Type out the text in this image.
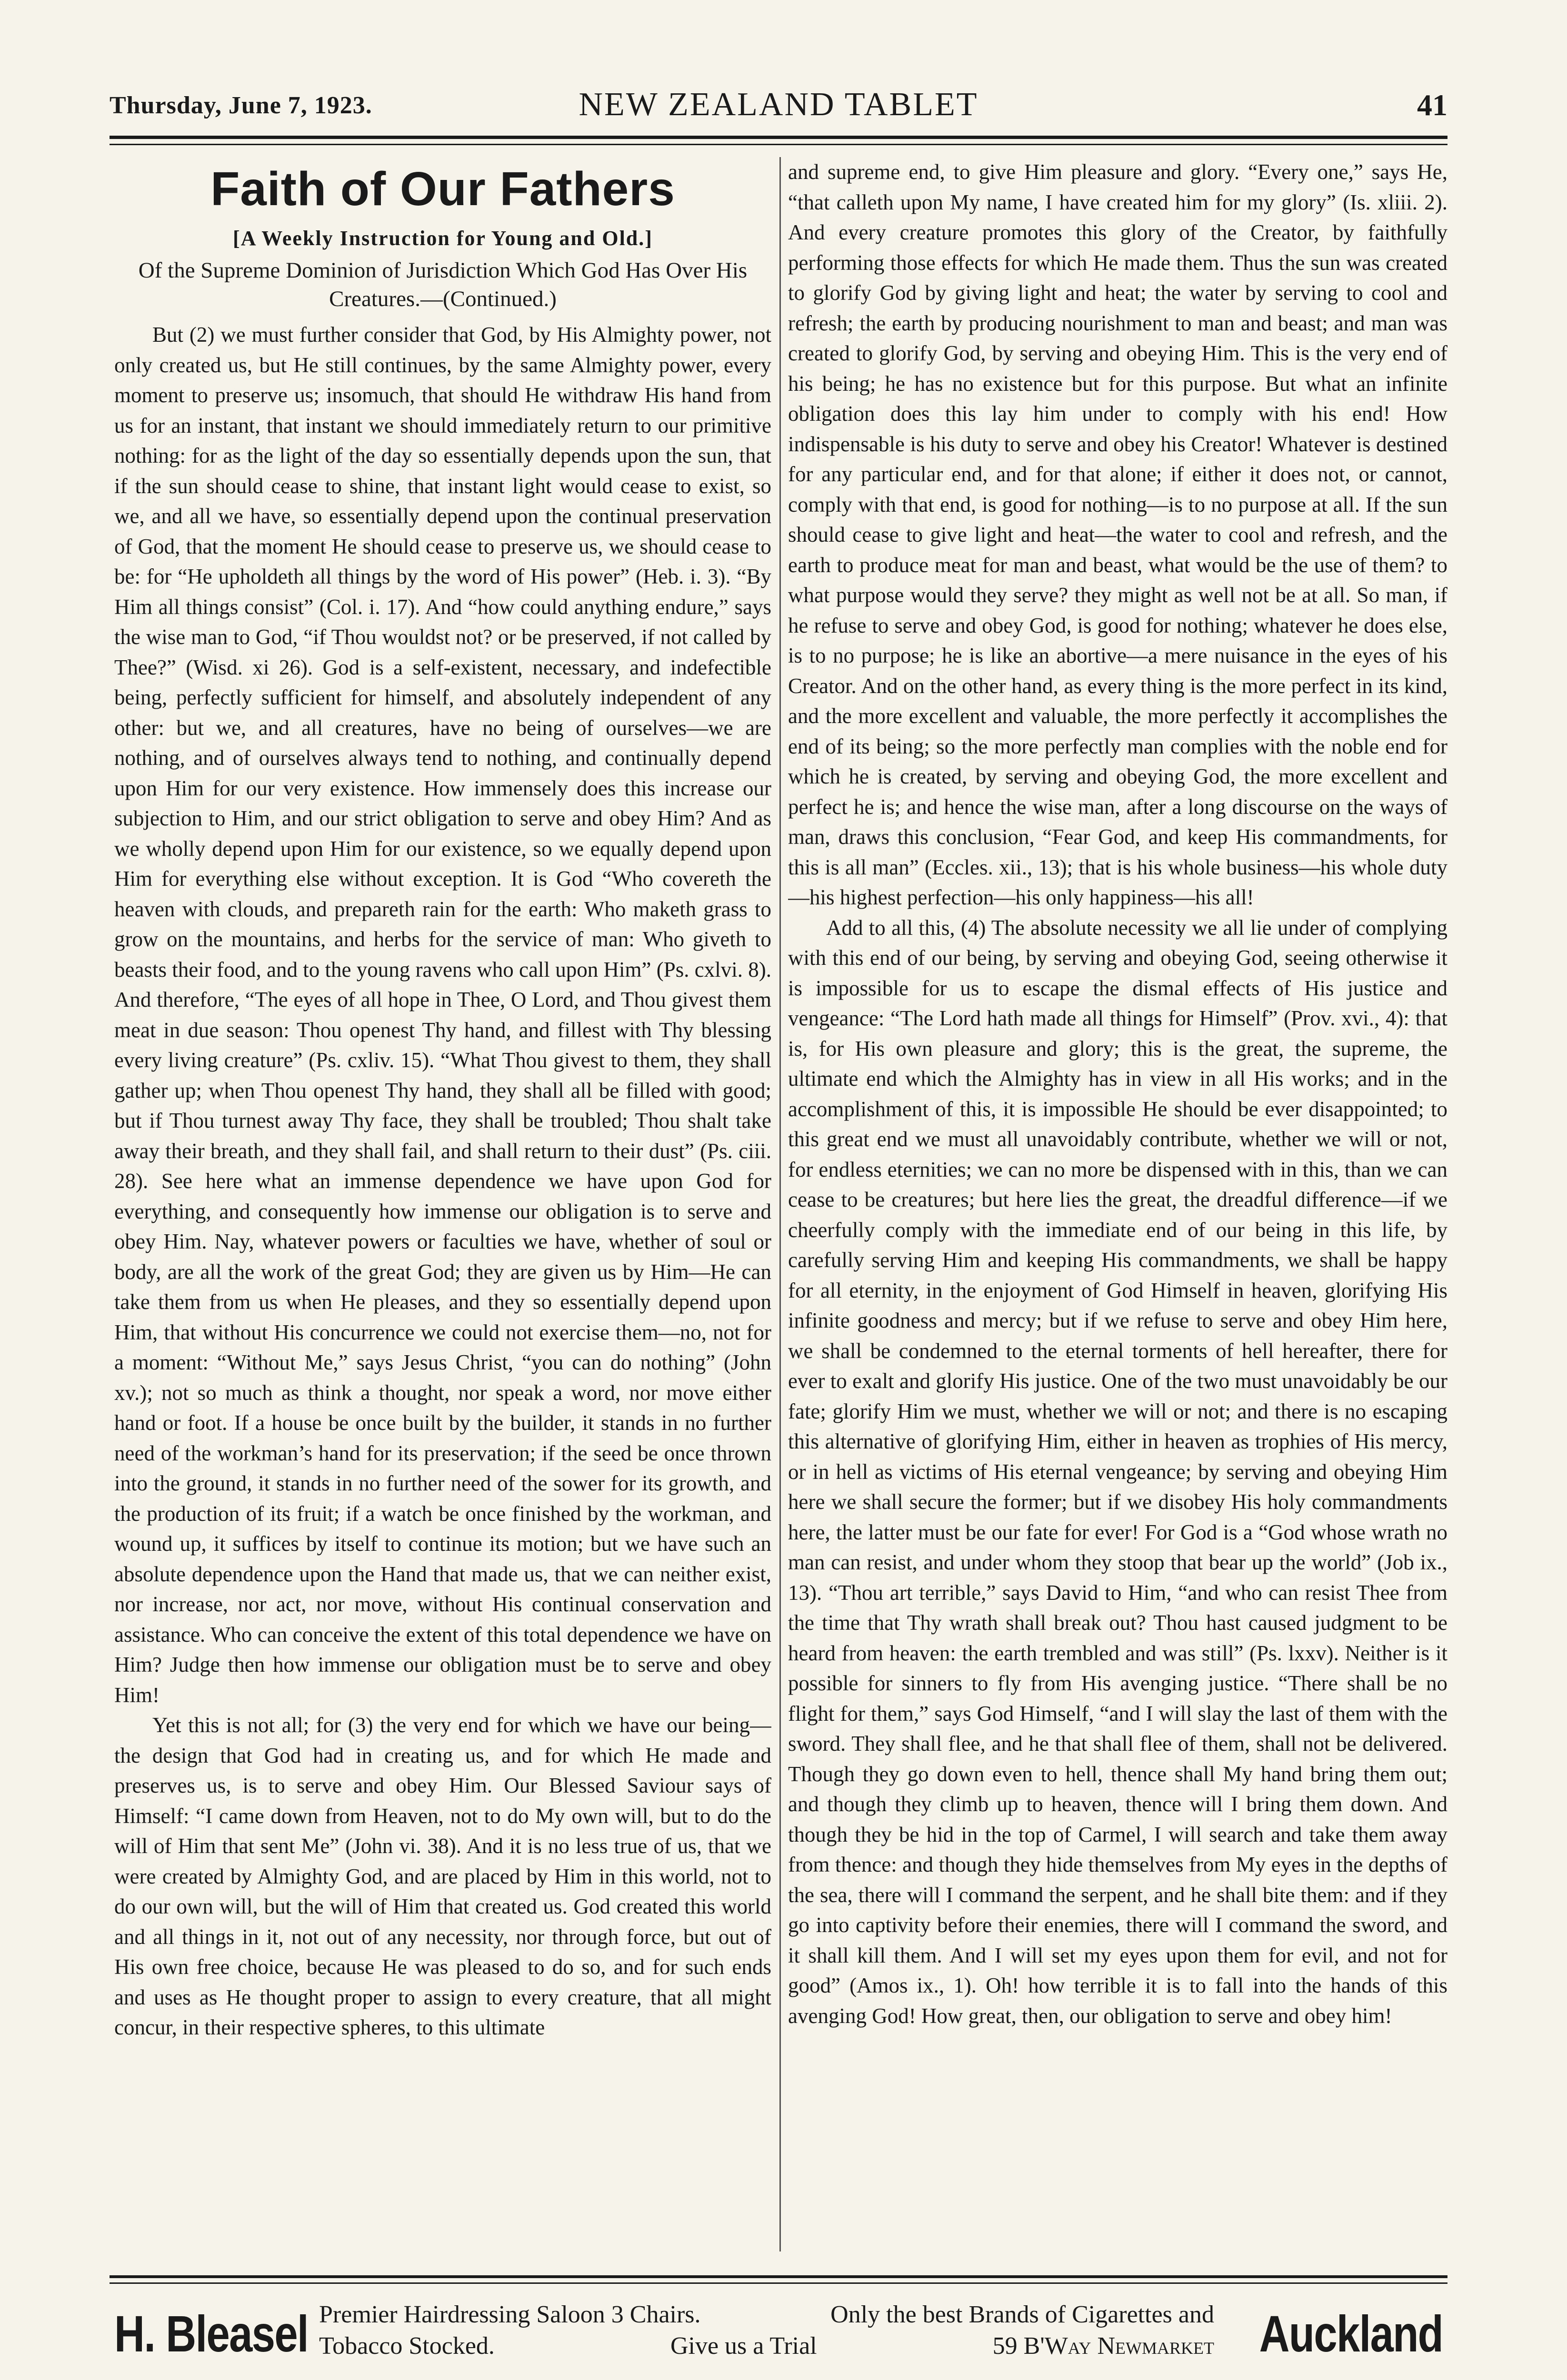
Thursday, June 7, 1923.	NEW ZEALAND TABLET	41
Faith of Our Fathers
[A Weekly Instruction for Young and Old.]
Of the Supreme Dominion of Jurisdiction Which God Has Over His Creatures.—(Continued.)

But (2) we must further consider that God, by His Almighty power, not only created us, but He still continues, by the same Almighty power, every moment to preserve us; insomuch, that should He withdraw His hand from us for an instant, that instant we should immediately return to our primitive nothing: for as the light of the day so essentially depends upon the sun, that if the sun should cease to shine, that instant light would cease to exist, so we, and all we have, so essentially depend upon the continual preservation of God, that the moment He should cease to preserve us, we should cease to be: for “He upholdeth all things by the word of His power” (Heb. i. 3). “By Him all things consist” (Col. i. 17). And “how could anything endure,” says the wise man to God, “if Thou wouldst not? or be preserved, if not called by Thee?” (Wisd. xi 26). God is a self-existent, necessary, and indefectible being, perfectly sufficient for himself, and absolutely independent of any other: but we, and all creatures, have no being of ourselves—we are nothing, and of ourselves always tend to nothing, and continually depend upon Him for our very existence. How immensely does this increase our subjection to Him, and our strict obligation to serve and obey Him? And as we wholly depend upon Him for our existence, so we equally depend upon Him for everything else without exception. It is God “Who covereth the heaven with clouds, and prepareth rain for the earth: Who maketh grass to grow on the mountains, and herbs for the service of man: Who giveth to beasts their food, and to the young ravens who call upon Him” (Ps. cxlvi. 8). And therefore, “The eyes of all hope in Thee, O Lord, and Thou givest them meat in due season: Thou openest Thy hand, and fillest with Thy blessing every living creature” (Ps. cxliv. 15). “What Thou givest to them, they shall gather up; when Thou openest Thy hand, they shall all be filled with good; but if Thou turnest away Thy face, they shall be troubled; Thou shalt take away their breath, and they shall fail, and shall return to their dust” (Ps. ciii. 28). See here what an immense dependence we have upon God for everything, and consequently how immense our obligation is to serve and obey Him. Nay, whatever powers or faculties we have, whether of soul or body, are all the work of the great God; they are given us by Him—He can take them from us when He pleases, and they so essentially depend upon Him, that without His concurrence we could not exercise them—no, not for a moment: “Without Me,” says Jesus Christ, “you can do nothing” (John xv.); not so much as think a thought, nor speak a word, nor move either hand or foot. If a house be once built by the builder, it stands in no further need of the workman’s hand for its preservation; if the seed be once thrown into the ground, it stands in no further need of the sower for its growth, and the production of its fruit; if a watch be once finished by the workman, and wound up, it suffices by itself to continue its motion; but we have such an absolute dependence upon the Hand that made us, that we can neither exist, nor increase, nor act, nor move, without His continual conservation and assistance. Who can conceive the extent of this total dependence we have on Him? Judge then how immense our obligation must be to serve and obey Him!

Yet this is not all; for (3) the very end for which we have our being—the design that God had in creating us, and for which He made and preserves us, is to serve and obey Him. Our Blessed Saviour says of Himself: “I came down from Heaven, not to do My own will, but to do the will of Him that sent Me” (John vi. 38). And it is no less true of us, that we were created by Almighty God, and are placed by Him in this world, not to do our own will, but the will of Him that created us. God created this world and all things in it, not out of any necessity, nor through force, but out of His own free choice, because He was pleased to do so, and for such ends and uses as He thought proper to assign to every creature, that all might concur, in their respective spheres, to this ultimate

and supreme end, to give Him pleasure and glory. “Every one,” says He, “that calleth upon My name, I have created him for my glory” (Is. xliii. 2). And every creature promotes this glory of the Creator, by faithfully performing those effects for which He made them. Thus the sun was created to glorify God by giving light and heat; the water by serving to cool and refresh; the earth by producing nourishment to man and beast; and man was created to glorify God, by serving and obeying Him. This is the very end of his being; he has no existence but for this purpose. But what an infinite obligation does this lay him under to comply with his end! How indispensable is his duty to serve and obey his Creator! Whatever is destined for any particular end, and for that alone; if either it does not, or cannot, comply with that end, is good for nothing—is to no purpose at all. If the sun should cease to give light and heat—the water to cool and refresh, and the earth to produce meat for man and beast, what would be the use of them? to what purpose would they serve? they might as well not be at all. So man, if he refuse to serve and obey God, is good for nothing; whatever he does else, is to no purpose; he is like an abortive—a mere nuisance in the eyes of his Creator. And on the other hand, as every thing is the more perfect in its kind, and the more excellent and valuable, the more perfectly it accomplishes the end of its being; so the more perfectly man complies with the noble end for which he is created, by serving and obeying God, the more excellent and perfect he is; and hence the wise man, after a long discourse on the ways of man, draws this conclusion, “Fear God, and keep His commandments, for this is all man” (Eccles. xii., 13); that is his whole business—his whole duty—his highest perfection—his only happiness—his all!

Add to all this, (4) The absolute necessity we all lie under of complying with this end of our being, by serving and obeying God, seeing otherwise it is impossible for us to escape the dismal effects of His justice and vengeance: “The Lord hath made all things for Himself” (Prov. xvi., 4): that is, for His own pleasure and glory; this is the great, the supreme, the ultimate end which the Almighty has in view in all His works; and in the accomplishment of this, it is impossible He should be ever disappointed; to this great end we must all unavoidably contribute, whether we will or not, for endless eternities; we can no more be dispensed with in this, than we can cease to be creatures; but here lies the great, the dreadful difference—if we cheerfully comply with the immediate end of our being in this life, by carefully serving Him and keeping His commandments, we shall be happy for all eternity, in the enjoyment of God Himself in heaven, glorifying His infinite goodness and mercy; but if we refuse to serve and obey Him here, we shall be condemned to the eternal torments of hell hereafter, there for ever to exalt and glorify His justice. One of the two must unavoidably be our fate; glorify Him we must, whether we will or not; and there is no escaping this alternative of glorifying Him, either in heaven as trophies of His mercy, or in hell as victims of His eternal vengeance; by serving and obeying Him here we shall secure the former; but if we disobey His holy commandments here, the latter must be our fate for ever! For God is a “God whose wrath no man can resist, and under whom they stoop that bear up the world” (Job ix., 13). “Thou art terrible,” says David to Him, “and who can resist Thee from the time that Thy wrath shall break out? Thou hast caused judgment to be heard from heaven: the earth trembled and was still” (Ps. lxxv). Neither is it possible for sinners to fly from His avenging justice. “There shall be no flight for them,” says God Himself, “and I will slay the last of them with the sword. They shall flee, and he that shall flee of them, shall not be delivered. Though they go down even to hell, thence shall My hand bring them out; and though they climb up to heaven, thence will I bring them down. And though they be hid in the top of Carmel, I will search and take them away from thence: and though they hide themselves from My eyes in the depths of the sea, there will I command the serpent, and he shall bite them: and if they go into captivity before their enemies, there will I command the sword, and it shall kill them. And I will set my eyes upon them for evil, and not for good” (Amos ix., 1). Oh! how terrible it is to fall into the hands of this avenging God! How great, then, our obligation to serve and obey him!

H. Bleasel Premier Hairdressing Saloon 3 Chairs.	Only the best Brands of Cigarettes and
Tobacco Stocked.	Give us a Trial	59 B'Way Newmarket Auckland
